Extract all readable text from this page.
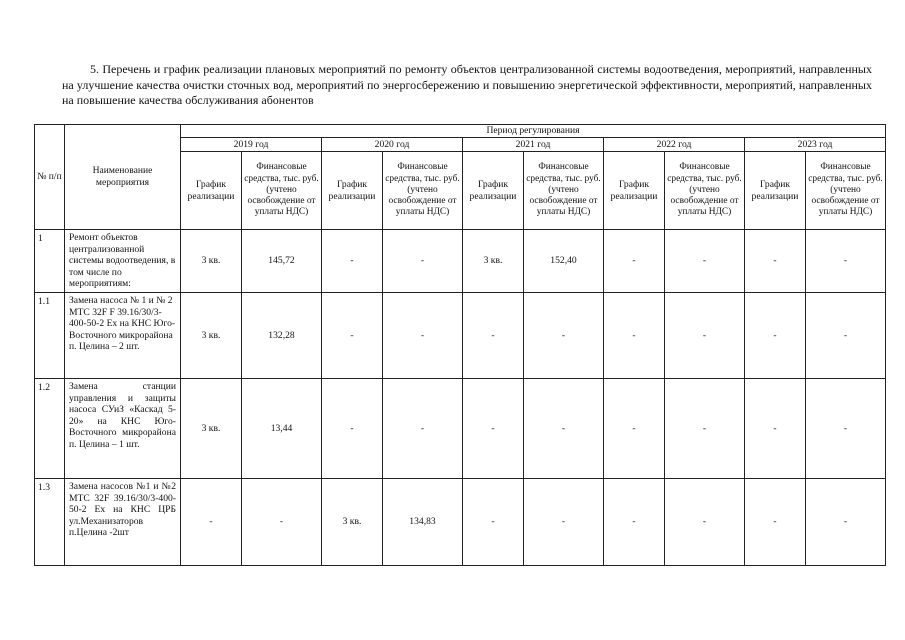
5. Перечень и график реализации плановых мероприятий по ремонту объектов централизованной системы водоотведения, мероприятий, направленных на улучшение качества очистки сточных вод, мероприятий по энергосбережению и повышению энергетической эффективности, мероприятий, направленных на повышение качества обслуживания абонентов
№ п/п	Наименование мероприятия	Период регулирования									
		2019 год		2020 год		2021 год		2022 год		2023 год	
		График реализации	Финансовые средства, тыс. руб. (учтено освобождение от уплаты НДС)	График реализации	Финансовые средства, тыс. руб. (учтено освобождение от уплаты НДС)	График реализации	Финансовые средства, тыс. руб. (учтено освобождение от уплаты НДС)	График реализации	Финансовые средства, тыс. руб. (учтено освобождение от уплаты НДС)	График реализации	Финансовые средства, тыс. руб. (учтено освобождение от уплаты НДС)
1	Ремонт объектов централизованной системы водоотведения, в том числе по мероприятиям:	3 кв.	145,72	-	-	3 кв.	152,40	-	-	-	-
1.1	Замена насоса № 1 и № 2 МТС 32F F 39.16/30/3-400-50-2 Ex на КНС Юго-Восточного микрорайона п. Целина – 2 шт.	3 кв.	132,28	-	-	-	-	-	-	-	-
1.2	Замена станции управления и защиты насоса СУиЗ «Каскад 5-20» на КНС Юго-Восточного микрорайона п. Целина – 1 шт.	3 кв.	13,44	-	-	-	-	-	-	-	-
1.3	Замена насосов №1 и №2 МТС 32F 39.16/30/3-400-50-2 Ex на КНС ЦРБ ул.Механизаторов п.Целина -2шт	-	-	3 кв.	134,83	-	-	-	-	-	-
